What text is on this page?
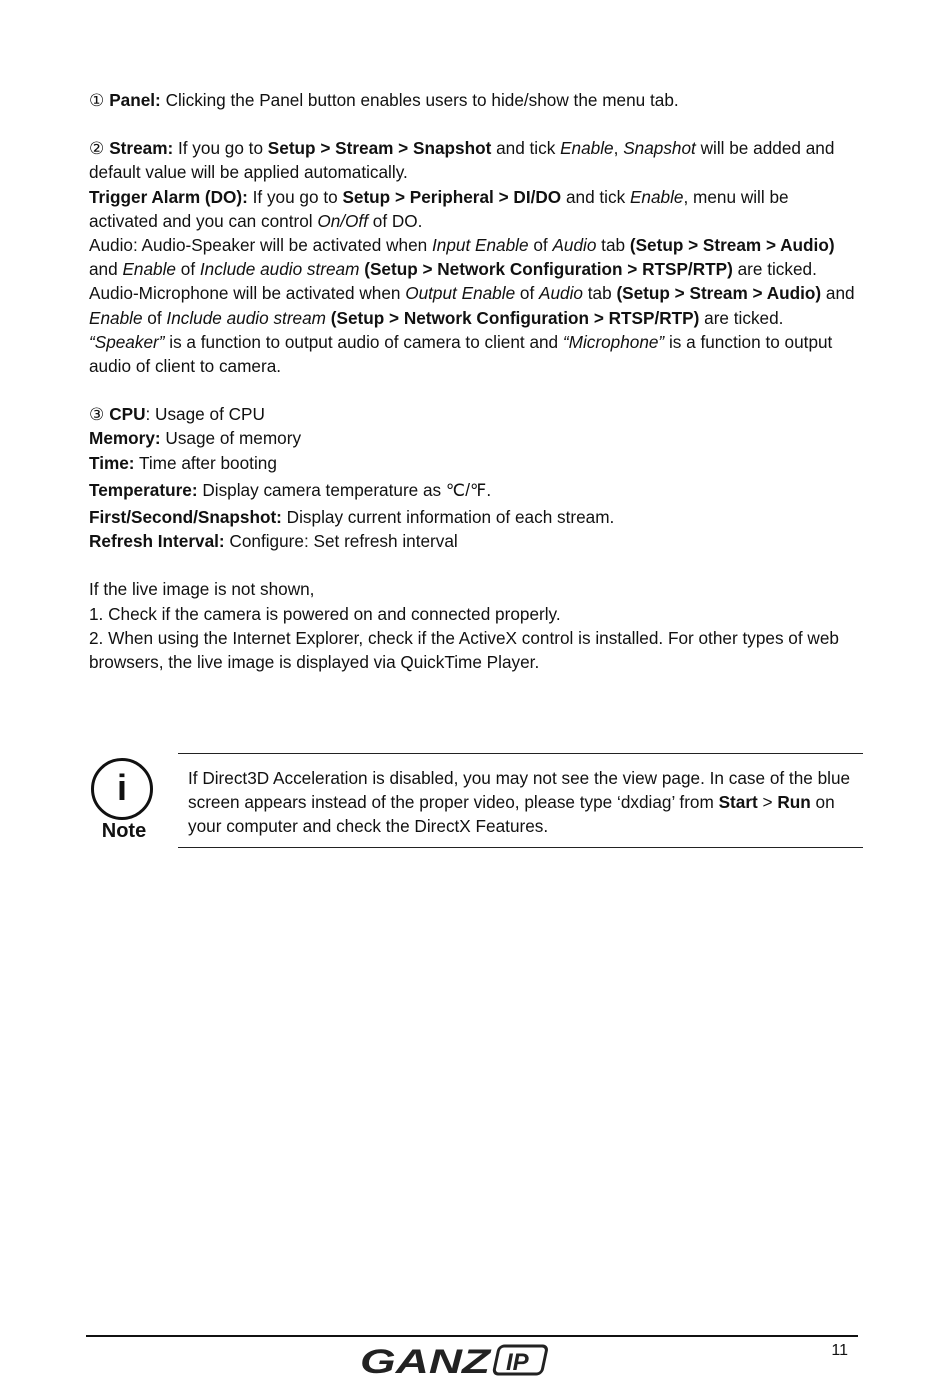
① Panel: Clicking the Panel button enables users to hide/show the menu tab.

② Stream: If you go to Setup > Stream > Snapshot and tick Enable, Snapshot will be added and default value will be applied automatically.

Trigger Alarm (DO): If you go to Setup > Peripheral > DI/DO and tick Enable, menu will be activated and you can control On/Off of DO.

Audio: Audio-Speaker will be activated when Input Enable of Audio tab (Setup > Stream > Audio) and Enable of Include audio stream (Setup > Network Configuration > RTSP/RTP) are ticked.

Audio-Microphone will be activated when Output Enable of Audio tab (Setup > Stream > Audio) and Enable of Include audio stream (Setup > Network Configuration > RTSP/RTP) are ticked.

“Speaker” is a function to output audio of camera to client and “Microphone” is a function to output audio of client to camera.

③ CPU: Usage of CPU

Memory: Usage of memory

Time: Time after booting

Temperature: Display camera temperature as ℃/℉.

First/Second/Snapshot: Display current information of each stream.

Refresh Interval: Configure: Set refresh interval

If the live image is not shown,

1. Check if the camera is powered on and connected properly.

2. When using the Internet Explorer, check if the ActiveX control is installed. For other types of web browsers, the live image is displayed via QuickTime Player.

i
Note
If Direct3D Acceleration is disabled, you may not see the view page. In case of the blue screen appears instead of the proper video, please type ‘dxdiag’ from Start > Run on your computer and check the DirectX Features.
GANZ IP	11
